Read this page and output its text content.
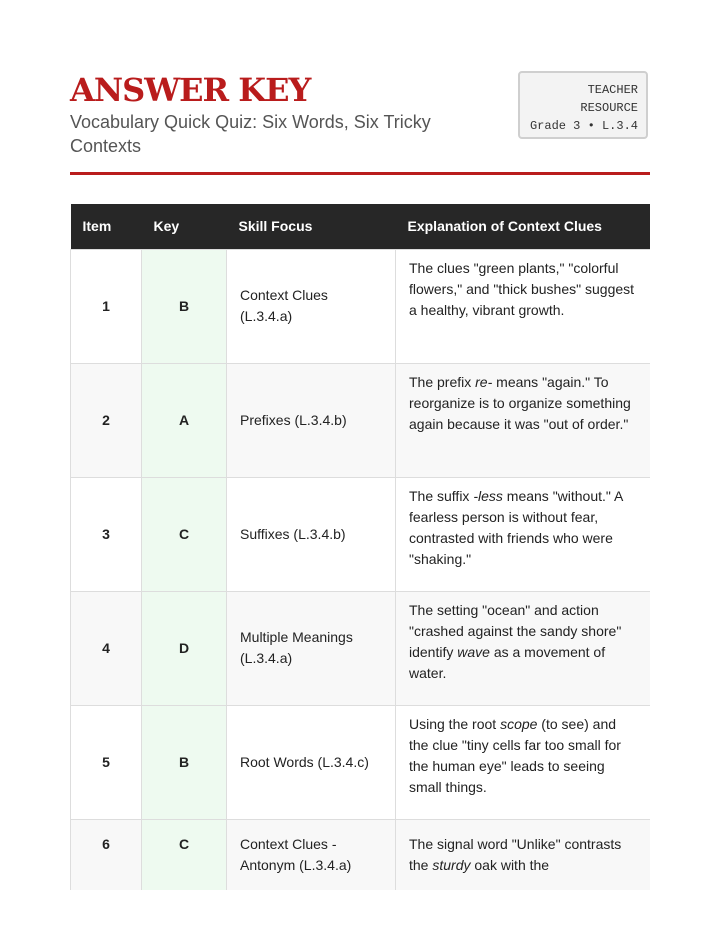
ANSWER KEY
Vocabulary Quick Quiz: Six Words, Six Tricky Contexts
TEACHER
RESOURCE
Grade 3 • L.3.4
Item	Key	Skill Focus	Explanation of Context Clues
1	B	Context Clues (L.3.4.a)	The clues "green plants," "colorful flowers," and "thick bushes" suggest a healthy, vibrant growth.
2	A	Prefixes (L.3.4.b)	The prefix re- means "again." To reorganize is to organize something again because it was "out of order."
3	C	Suffixes (L.3.4.b)	The suffix -less means "without." A fearless person is without fear, contrasted with friends who were "shaking."
4	D	Multiple Meanings (L.3.4.a)	The setting "ocean" and action "crashed against the sandy shore" identify wave as a movement of water.
5	B	Root Words (L.3.4.c)	Using the root scope (to see) and the clue "tiny cells far too small for the human eye" leads to seeing small things.
6	C	Context Clues - Antonym (L.3.4.a)	The signal word "Unlike" contrasts the sturdy oak with the
